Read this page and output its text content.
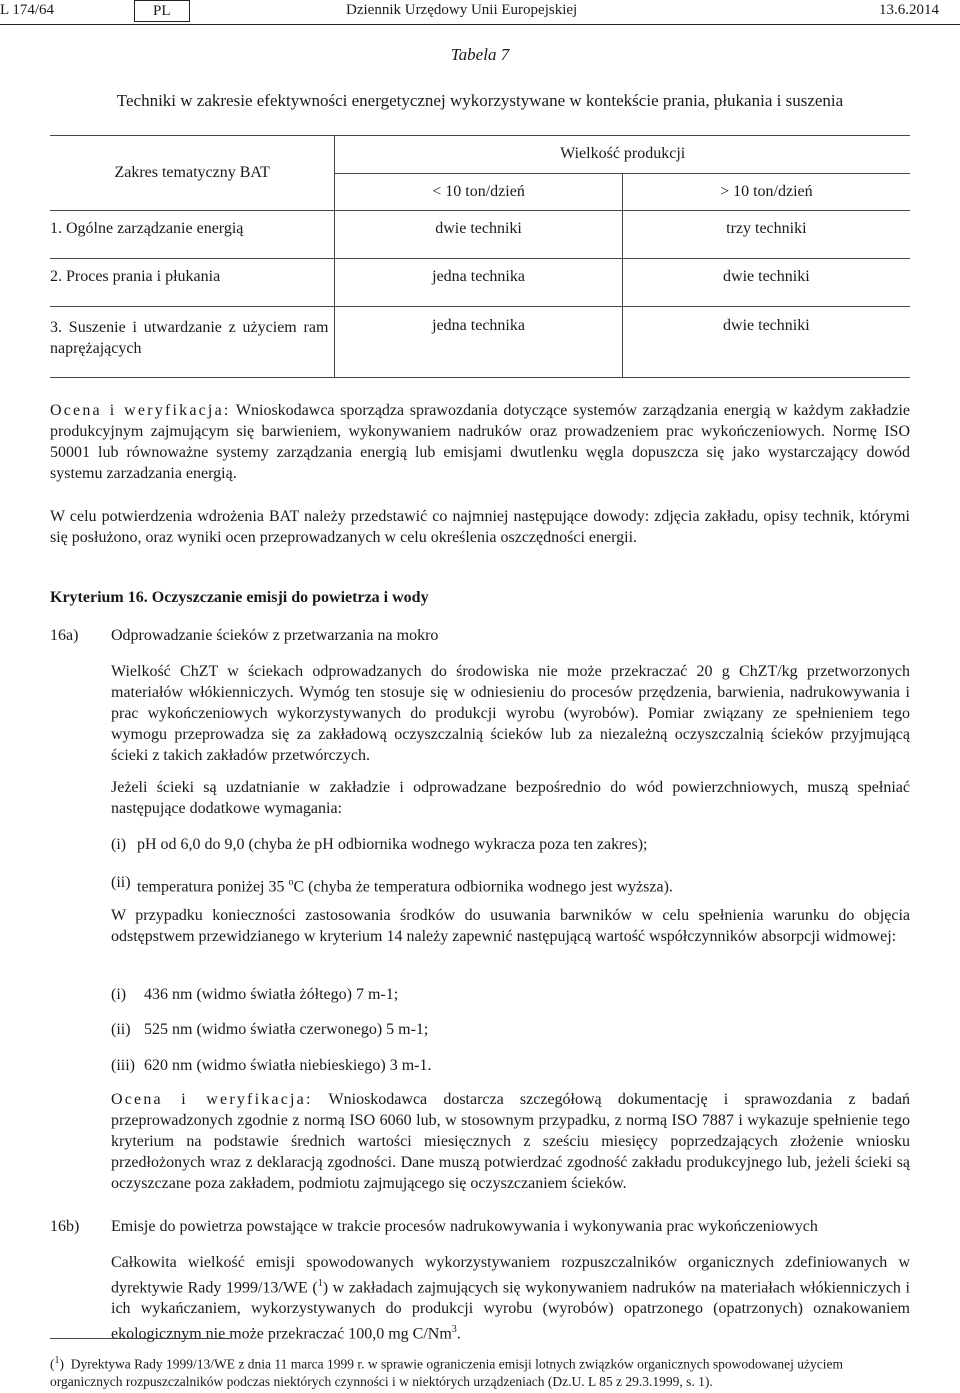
L 174/64	PL	Dziennik Urzędowy Unii Europejskiej	13.6.2014
Tabela 7
Techniki w zakresie efektywności energetycznej wykorzystywane w kontekście prania, płukania i suszenia
Zakres tematyczny BAT	Wielkość produkcji	
	< 10 ton/dzień	> 10 ton/dzień
1. Ogólne zarządzanie energią	dwie techniki	trzy techniki
2. Proces prania i płukania	jedna technika	dwie techniki
3. Suszenie i utwardzanie z użyciem ram naprężających	jedna technika	dwie techniki
Ocena i weryfikacja: Wnioskodawca sporządza sprawozdania dotyczące systemów zarządzania energią w każdym zakładzie produkcyjnym zajmującym się barwieniem, wykonywaniem nadruków oraz prowadzeniem prac wykończeniowych. Normę ISO 50001 lub równoważne systemy zarządzania energią lub emisjami dwutlenku węgla dopuszcza się jako wystarczający dowód systemu zarzadzania energią.
W celu potwierdzenia wdrożenia BAT należy przedstawić co najmniej następujące dowody: zdjęcia zakładu, opisy technik, którymi się posłużono, oraz wyniki ocen przeprowadzanych w celu określenia oszczędności energii.
Kryterium 16. Oczyszczanie emisji do powietrza i wody
16a) Odprowadzanie ścieków z przetwarzania na mokro
Wielkość ChZT w ściekach odprowadzanych do środowiska nie może przekraczać 20 g ChZT/kg przetworzonych materiałów włókienniczych. Wymóg ten stosuje się w odniesieniu do procesów przędzenia, barwienia, nadrukowywania i prac wykończeniowych wykorzystywanych do produkcji wyrobu (wyrobów). Pomiar związany ze spełnieniem tego wymogu przeprowadza się za zakładową oczyszczalnią ścieków lub za niezależną oczyszczalnią ścieków przyjmującą ścieki z takich zakładów przetwórczych.
Jeżeli ścieki są uzdatnianie w zakładzie i odprowadzane bezpośrednio do wód powierzchniowych, muszą spełniać następujące dodatkowe wymagania:
(i) pH od 6,0 do 9,0 (chyba że pH odbiornika wodnego wykracza poza ten zakres);
(ii) temperatura poniżej 35 $^o$C (chyba że temperatura odbiornika wodnego jest wyższa).
W przypadku konieczności zastosowania środków do usuwania barwników w celu spełnienia warunku do objęcia odstępstwem przewidzianego w kryterium 14 należy zapewnić następującą wartość współczynników absorpcji widmowej:
(i) 436 nm (widmo światła żółtego) 7 m-1;
(ii) 525 nm (widmo światła czerwonego) 5 m-1;
(iii) 620 nm (widmo światła niebieskiego) 3 m-1.
Ocena i weryfikacja: Wnioskodawca dostarcza szczegółową dokumentację i sprawozdania z badań przeprowadzonych zgodnie z normą ISO 6060 lub, w stosownym przypadku, z normą ISO 7887 i wykazuje spełnienie tego kryterium na podstawie średnich wartości miesięcznych z sześciu miesięcy poprzedzających złożenie wniosku przedłożonych wraz z deklaracją zgodności. Dane muszą potwierdzać zgodność zakładu produkcyjnego lub, jeżeli ścieki są oczyszczane poza zakładem, podmiotu zajmującego się oczyszczaniem ścieków.
16b) Emisje do powietrza powstające w trakcie procesów nadrukowywania i wykonywania prac wykończeniowych
Całkowita wielkość emisji spowodowanych wykorzystywaniem rozpuszczalników organicznych zdefiniowanych w dyrektywie Rady 1999/13/WE ($^1$) w zakładach zajmujących się wykonywaniem nadruków na materiałach włókienniczych i ich wykańczaniem, wykorzystywanych do produkcji wyrobu (wyrobów) opatrzonego (opatrzonych) oznakowaniem ekologicznym nie może przekraczać 100,0 mg C/Nm$^3$.
($^1$)  Dyrektywa Rady 1999/13/WE z dnia 11 marca 1999 r. w sprawie ograniczenia emisji lotnych związków organicznych spowodowanej użyciem organicznych rozpuszczalników podczas niektórych czynności i w niektórych urządzeniach (Dz.U. L 85 z 29.3.1999, s. 1).
